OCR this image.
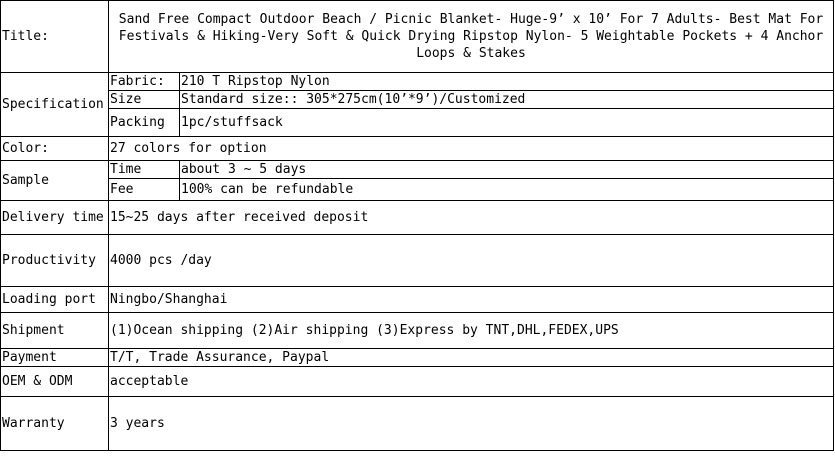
Title:	Sand Free Compact Outdoor Beach / Picnic Blanket- Huge-9’ x 10’ For 7 Adults- Best Mat For Festivals & Hiking-Very Soft & Quick Drying Ripstop Nylon- 5 Weightable Pockets + 4 Anchor Loops & Stakes	
Specification	Fabric:	210 T Ripstop Nylon
	Size	Standard size:: 305*275cm(10’*9’)/Customized
	Packing	1pc/stuffsack
Color:	27 colors for option	
Sample	Time	about 3 ~ 5 days
	Fee	100% can be refundable
Delivery time	15~25 days after received deposit	
Productivity	4000 pcs /day	
Loading port	Ningbo/Shanghai	
Shipment	(1)Ocean shipping (2)Air shipping (3)Express by TNT,DHL,FEDEX,UPS	
Payment	T/T, Trade Assurance, Paypal	
OEM & ODM	acceptable	
Warranty	3 years	
